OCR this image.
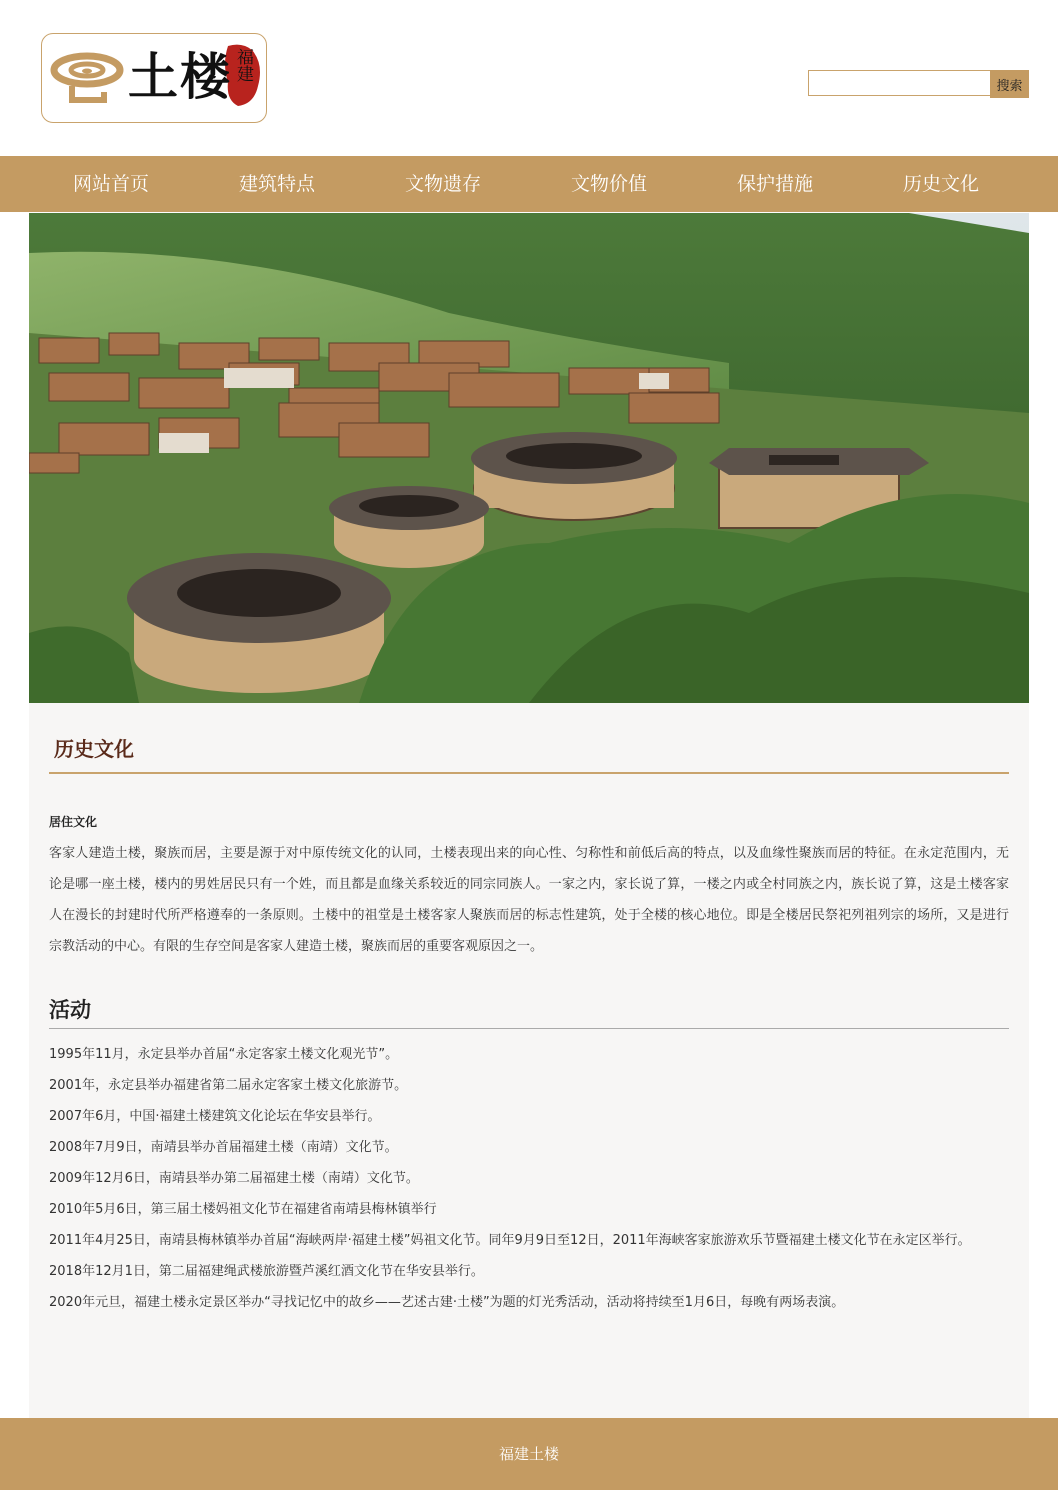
土楼 福建
搜索
网站首页	建筑特点	文物遗存	文物价值	保护措施	历史文化
历史文化
居住文化
客家人建造土楼，聚族而居，主要是源于对中原传统文化的认同，土楼表现出来的向心性、匀称性和前低后高的特点，以及血缘性聚族而居的特征。在永定范围内，无论是哪一座土楼，楼内的男姓居民只有一个姓，而且都是血缘关系较近的同宗同族人。一家之内，家长说了算，一楼之内或全村同族之内，族长说了算，这是土楼客家人在漫长的封建时代所严格遵奉的一条原则。土楼中的祖堂是土楼客家人聚族而居的标志性建筑，处于全楼的核心地位。即是全楼居民祭祀列祖列宗的场所，又是进行宗教活动的中心。有限的生存空间是客家人建造土楼，聚族而居的重要客观原因之一。
活动
1995年11月，永定县举办首届“永定客家土楼文化观光节”。
2001年，永定县举办福建省第二届永定客家土楼文化旅游节。
2007年6月，中国·福建土楼建筑文化论坛在华安县举行。
2008年7月9日，南靖县举办首届福建土楼（南靖）文化节。
2009年12月6日，南靖县举办第二届福建土楼（南靖）文化节。
2010年5月6日，第三届土楼妈祖文化节在福建省南靖县梅林镇举行
2011年4月25日，南靖县梅林镇举办首届“海峡两岸·福建土楼”妈祖文化节。同年9月9日至12日，2011年海峡客家旅游欢乐节暨福建土楼文化节在永定区举行。
2018年12月1日，第二届福建绳武楼旅游暨芦溪红酒文化节在华安县举行。
2020年元旦，福建土楼永定景区举办“寻找记忆中的故乡——艺述古建·土楼”为题的灯光秀活动，活动将持续至1月6日，每晚有两场表演。
福建土楼
